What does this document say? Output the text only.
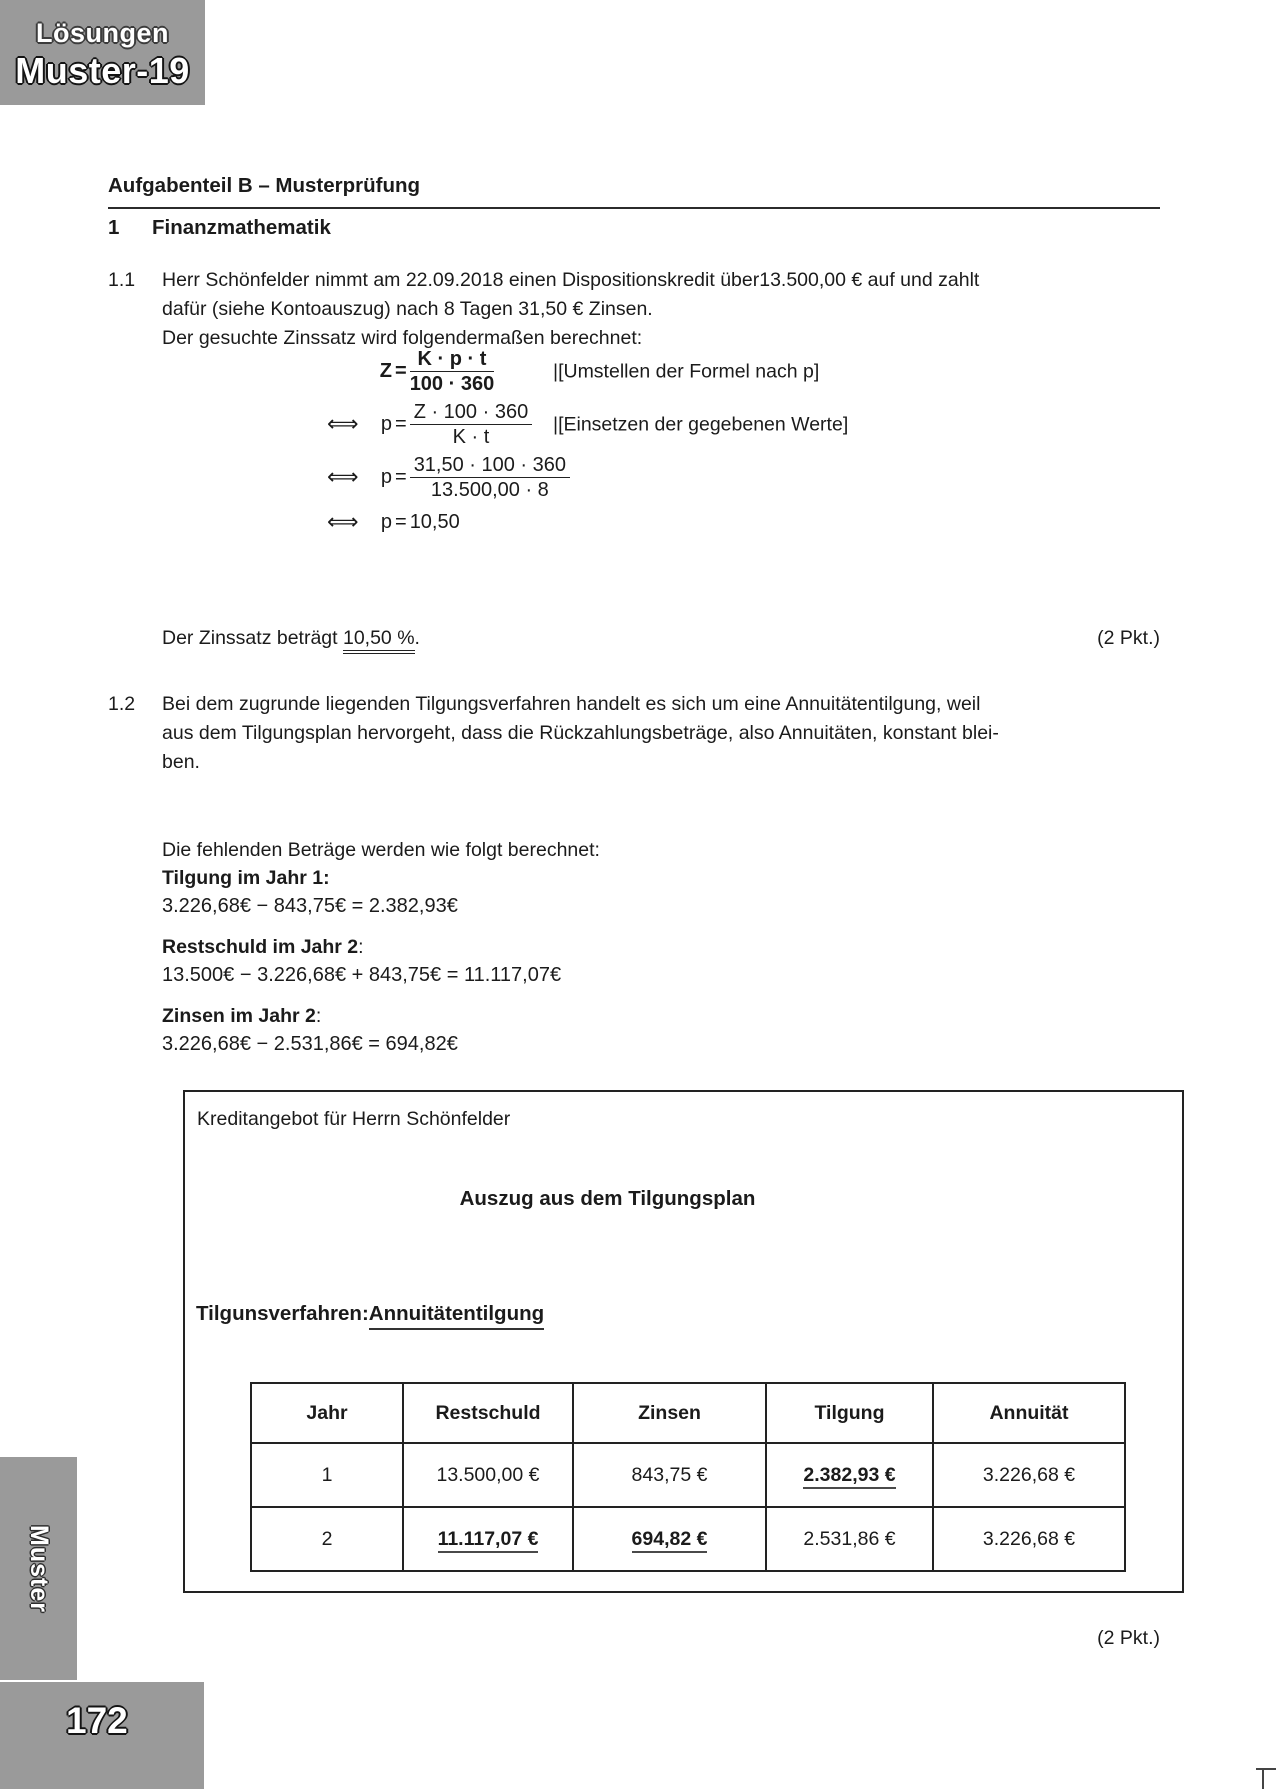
Lösungen
Muster-19
Aufgabenteil B – Musterprüfung
1	Finanzmathematik
1.1	Herr Schönfelder nimmt am 22.09.2018 einen Dispositionskredit über13.500,00 € auf und zahlt
dafür (siehe Kontoauszug) nach 8 Tagen 31,50 € Zinsen.
Der gesuchte Zinssatz wird folgendermaßen berechnet:
$Z = \frac{K \cdot p \cdot t}{100 \cdot 360}$	|[Umstellen der Formel nach p]
⟺	$p = \frac{Z \cdot 100 \cdot 360}{K \cdot t}$ |[Einsetzen der gegebenen Werte]
⟺	$p = \frac{31,50 \cdot 100 \cdot 360}{13.500,00 \cdot 8}$
⟺	p = 10,50
Der Zinssatz beträgt 10,50 %.	(2 Pkt.)
1.2	Bei dem zugrunde liegenden Tilgungsverfahren handelt es sich um eine Annuitätentilgung, weil
aus dem Tilgungsplan hervorgeht, dass die Rückzahlungsbeträge, also Annuitäten, konstant blei-
ben.
Die fehlenden Beträge werden wie folgt berechnet:
Tilgung im Jahr 1:
3.226,68€ − 843,75€ = 2.382,93€
Restschuld im Jahr 2:
13.500€ − 3.226,68€ + 843,75€ = 11.117,07€
Zinsen im Jahr 2:
3.226,68€ − 2.531,86€ = 694,82€
Kreditangebot für Herrn Schönfelder
Auszug aus dem Tilgungsplan
Tilgunsverfahren:Annuitätentilgung
Jahr	Restschuld	Zinsen	Tilgung	Annuität
1	13.500,00 €	843,75 €	2.382,93 €	3.226,68 €
2	11.117,07 €	694,82 €	2.531,86 €	3.226,68 €
(2 Pkt.)
Muster
172
